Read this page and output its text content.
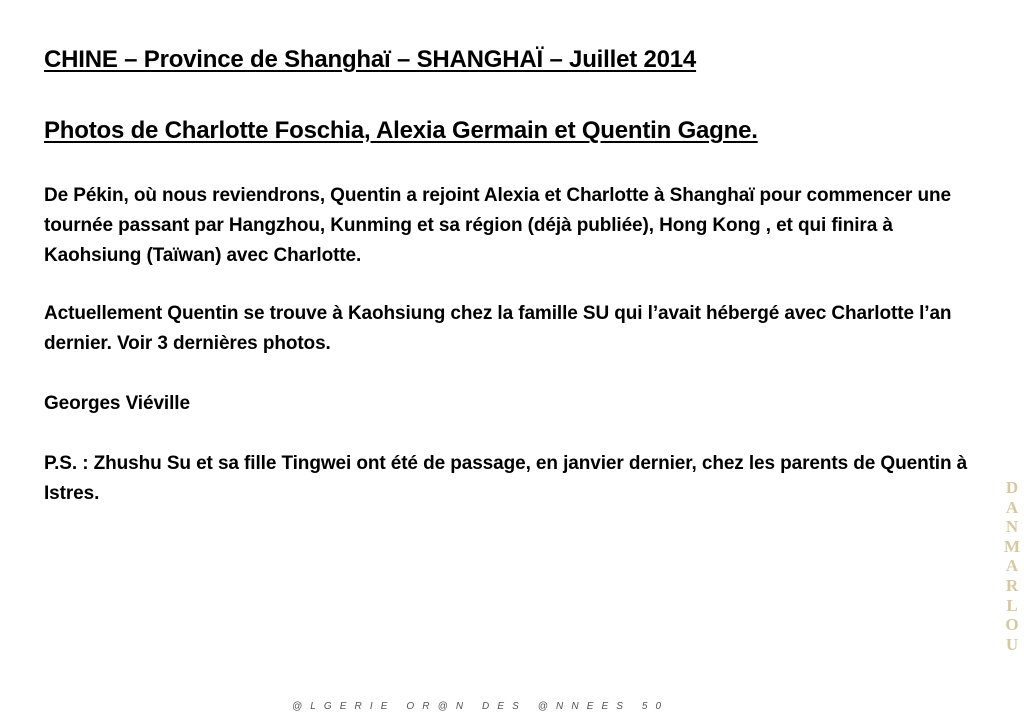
CHINE – Province de Shanghaï – SHANGHAÏ – Juillet 2014
Photos de Charlotte Foschia, Alexia Germain et Quentin Gagne.

De Pékin, où nous reviendrons, Quentin a rejoint Alexia et Charlotte à Shanghaï pour commencer une tournée passant par Hangzhou, Kunming et sa région (déjà publiée), Hong Kong , et qui finira à Kaohsiung (Taïwan) avec Charlotte.

Actuellement Quentin se trouve à Kaohsiung chez la famille SU qui l’avait hébergé avec Charlotte l’an dernier. Voir 3 dernières photos.

Georges Viéville

P.S. : Zhushu Su et sa fille Tingwei ont été de passage, en janvier dernier, chez les parents de Quentin à Istres.	D
A
N
M
A
R
L
O
U

@LGERIE OR@N DES @NNEES 50
